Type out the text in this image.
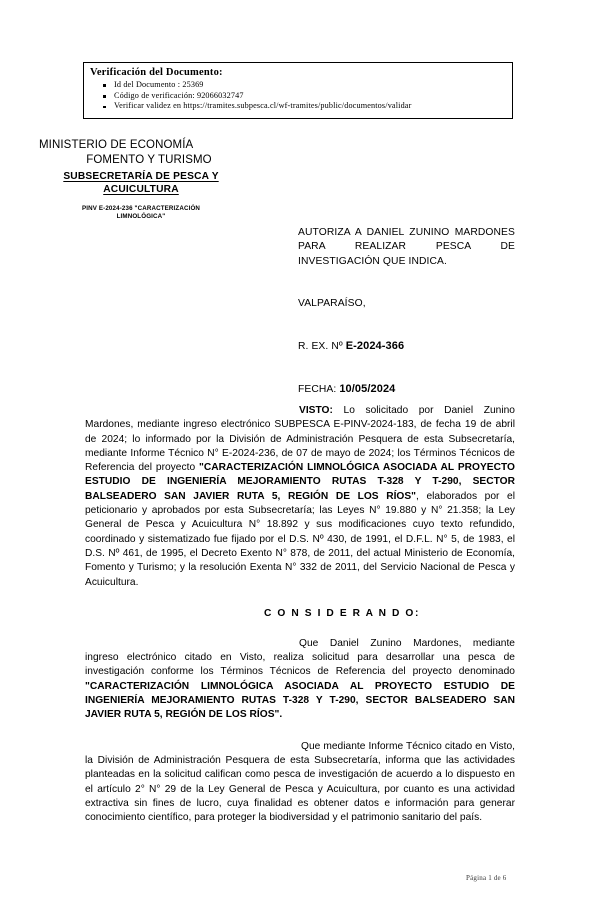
Verificación del Documento:
Id del Documento : 25369
Código de verificación: 92066032747
Verificar validez en https://tramites.subpesca.cl/wf-tramites/public/documentos/validar
MINISTERIO DE ECONOMÍA
FOMENTO Y TURISMO
SUBSECRETARÍA DE PESCA Y
ACUICULTURA
PINV E-2024-236 "CARACTERIZACIÓN
LIMNOLÓGICA"
AUTORIZA A DANIEL ZUNINO MARDONES PARA REALIZAR PESCA DE INVESTIGACIÓN QUE INDICA.
VALPARAÍSO,
R. EX. Nº E-2024-366
FECHA: 10/05/2024

VISTO: Lo solicitado por Daniel Zunino Mardones, mediante ingreso electrónico SUBPESCA E-PINV-2024-183, de fecha 19 de abril de 2024; lo informado por la División de Administración Pesquera de esta Subsecretaría, mediante Informe Técnico N° E-2024-236, de 07 de mayo de 2024; los Términos Técnicos de Referencia del proyecto "CARACTERIZACIÓN LIMNOLÓGICA ASOCIADA AL PROYECTO ESTUDIO DE INGENIERÍA MEJORAMIENTO RUTAS T-328 Y T-290, SECTOR BALSEADERO SAN JAVIER RUTA 5, REGIÓN DE LOS RÍOS", elaborados por el peticionario y aprobados por esta Subsecretaría; las Leyes N° 19.880 y N° 21.358; la Ley General de Pesca y Acuicultura N° 18.892 y sus modificaciones cuyo texto refundido, coordinado y sistematizado fue fijado por el D.S. Nº 430, de 1991, el D.F.L. N° 5, de 1983, el D.S. Nº 461, de 1995, el Decreto Exento N° 878, de 2011, del actual Ministerio de Economía, Fomento y Turismo; y la resolución Exenta N° 332 de 2011, del Servicio Nacional de Pesca y Acuicultura.

C O N S I D E R A N D O:

Que Daniel Zunino Mardones, mediante ingreso electrónico citado en Visto, realiza solicitud para desarrollar una pesca de investigación conforme los Términos Técnicos de Referencia del proyecto denominado "CARACTERIZACIÓN LIMNOLÓGICA ASOCIADA AL PROYECTO ESTUDIO DE INGENIERÍA MEJORAMIENTO RUTAS T-328 Y T-290, SECTOR BALSEADERO SAN JAVIER RUTA 5, REGIÓN DE LOS RÍOS".

Que mediante Informe Técnico citado en Visto, la División de Administración Pesquera de esta Subsecretaría, informa que las actividades planteadas en la solicitud califican como pesca de investigación de acuerdo a lo dispuesto en el artículo 2° N° 29 de la Ley General de Pesca y Acuicultura, por cuanto es una actividad extractiva sin fines de lucro, cuya finalidad es obtener datos e información para generar conocimiento científico, para proteger la biodiversidad y el patrimonio sanitario del país.

Página 1 de 6
